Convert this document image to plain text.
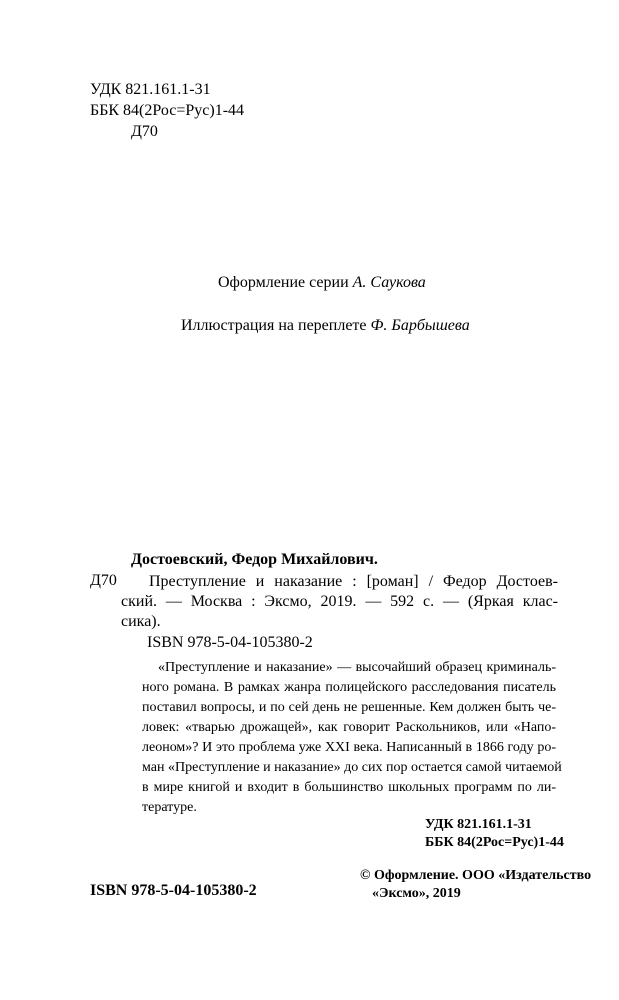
УДК 821.161.1-31
ББК 84(2Рос=Рус)1-44
Д70
Оформление серии А. Саукова
Иллюстрация на переплете Ф. Барбышева
Достоевский, Федор Михайлович.
Д70	Преступление и наказание : [роман] / Федор Достоев-
ский. — Москва : Эксмо, 2019. — 592 с. — (Яркая клас-
сика).
ISBN 978-5-04-105380-2
«Преступление и наказание» — высочайший образец криминаль-
ного романа. В рамках жанра полицейского расследования писатель
поставил вопросы, и по сей день не решенные. Кем должен быть че-
ловек: «тварью дрожащей», как говорит Раскольников, или «Напо-
леоном»? И это проблема уже XXI века. Написанный в 1866 году ро-
ман «Преступление и наказание» до сих пор остается самой читаемой
в мире книгой и входит в большинство школьных программ по ли-
тературе.
УДК 821.161.1-31
ББК 84(2Рос=Рус)1-44
ISBN 978-5-04-105380-2
© Оформление. ООО «Издательство
«Эксмо», 2019
